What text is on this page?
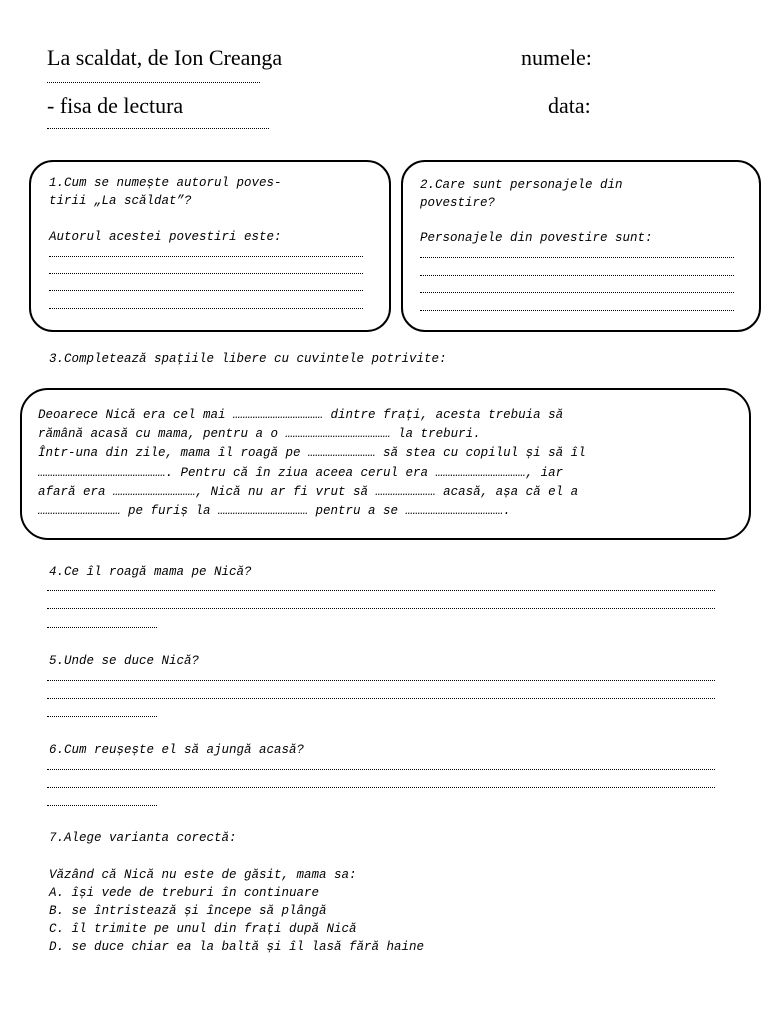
La scaldat, de Ion Creanga
- fisa de lectura
numele:
data:
1.Cum se numește autorul poves-
tirii „La scăldat”?
Autorul acestei povestiri este:
2.Care sunt personajele din
povestire?
Personajele din povestire sunt:
3.Completează spațiile libere cu cuvintele potrivite:
Deoarece Nică era cel mai ……………………………… dintre frați, acesta trebuia să
rămână acasă cu mama, pentru a o …………………………………… la treburi.
Într-una din zile, mama îl roagă pe ……………………… să stea cu copilul și să îl
……………………………………………. Pentru că în ziua aceea cerul era ………………………………, iar
afară era ……………………………, Nică nu ar fi vrut să …………………… acasă, așa că el a
…………………………… pe furiș la ……………………………… pentru a se ………………………………….
4.Ce îl roagă mama pe Nică?
5.Unde se duce Nică?
6.Cum reușește el să ajungă acasă?
7.Alege varianta corectă:
Văzând că Nică nu este de găsit, mama sa:
A. își vede de treburi în continuare
B. se întristează și începe să plângă
C. îl trimite pe unul din frați după Nică
D. se duce chiar ea la baltă și îl lasă fără haine
